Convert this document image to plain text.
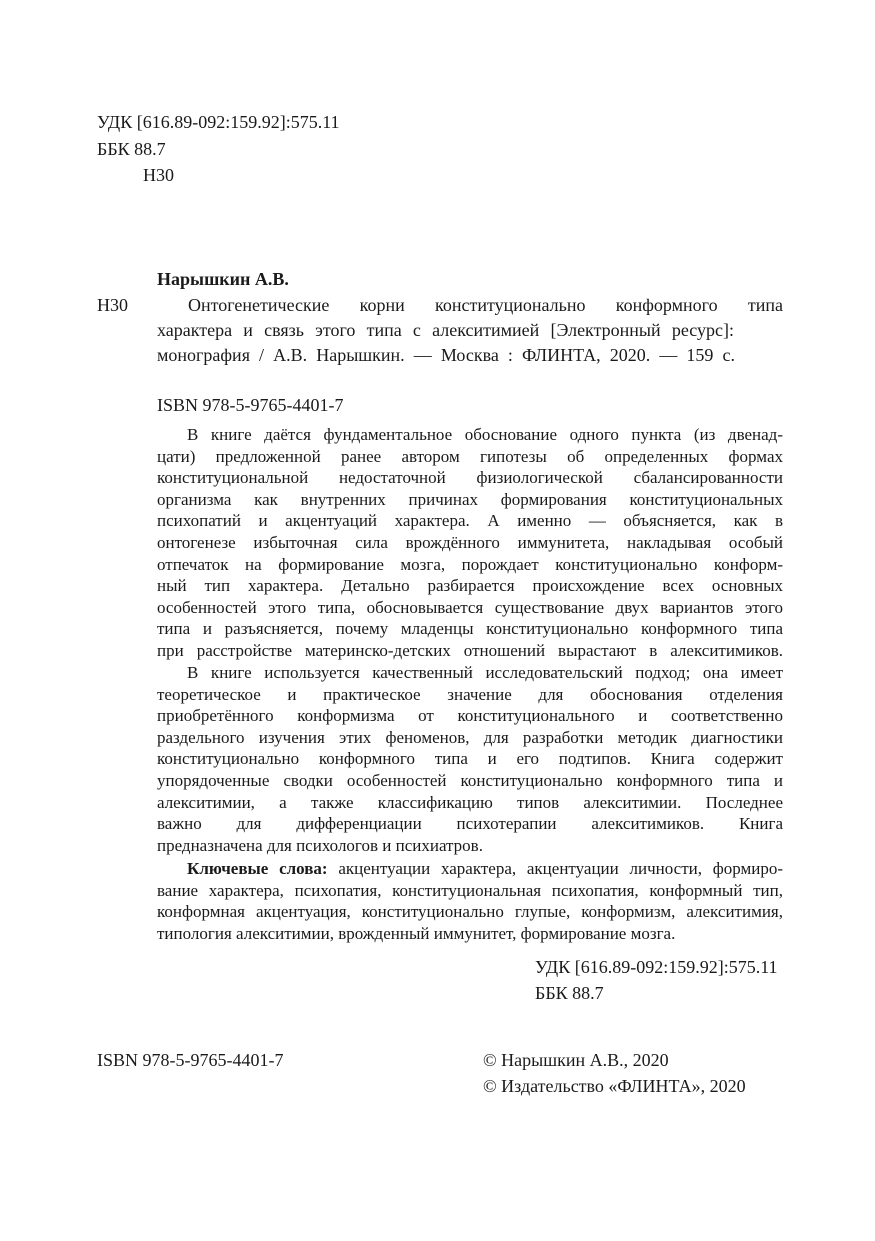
УДК [616.89-092:159.92]:575.11
ББК 88.7
Н30
Нарышкин А.В.
Н30	Онтогенетические корни конституционально конформного типа
характера и связь этого типа с алекситимией [Электронный ресурс]:
монография / А.В. Нарышкин. — Москва : ФЛИНТА, 2020. — 159 с.
ISBN 978-5-9765-4401-7
В книге даётся фундаментальное обоснование одного пункта (из двенад-
цати) предложенной ранее автором гипотезы об определенных формах
конституциональной недостаточной физиологической сбалансированности
организма как внутренних причинах формирования конституциональных
психопатий и акцентуаций характера. А именно — объясняется, как в
онтогенезе избыточная сила врождённого иммунитета, накладывая особый
отпечаток на формирование мозга, порождает конституционально конформ-
ный тип характера. Детально разбирается происхождение всех основных
особенностей этого типа, обосновывается существование двух вариантов этого
типа и разъясняется, почему младенцы конституционально конформного типа
при расстройстве материнско-детских отношений вырастают в алекситимиков.
В книге используется качественный исследовательский подход; она имеет
теоретическое и практическое значение для обоснования отделения
приобретённого конформизма от конституционального и соответственно
раздельного изучения этих феноменов, для разработки методик диагностики
конституционально конформного типа и его подтипов. Книга содержит
упорядоченные сводки особенностей конституционально конформного типа и
алекситимии, а также классификацию типов алекситимии. Последнее
важно для дифференциации психотерапии алекситимиков. Книга
предназначена для психологов и психиатров.
Ключевые слова: акцентуации характера, акцентуации личности, формиро-
вание характера, психопатия, конституциональная психопатия, конформный тип,
конформная акцентуация, конституционально глупые, конформизм, алекситимия,
типология алекситимии, врожденный иммунитет, формирование мозга.
УДК [616.89-092:159.92]:575.11
ББК 88.7
ISBN 978-5-9765-4401-7	© Нарышкин А.В., 2020
© Издательство «ФЛИНТА», 2020
